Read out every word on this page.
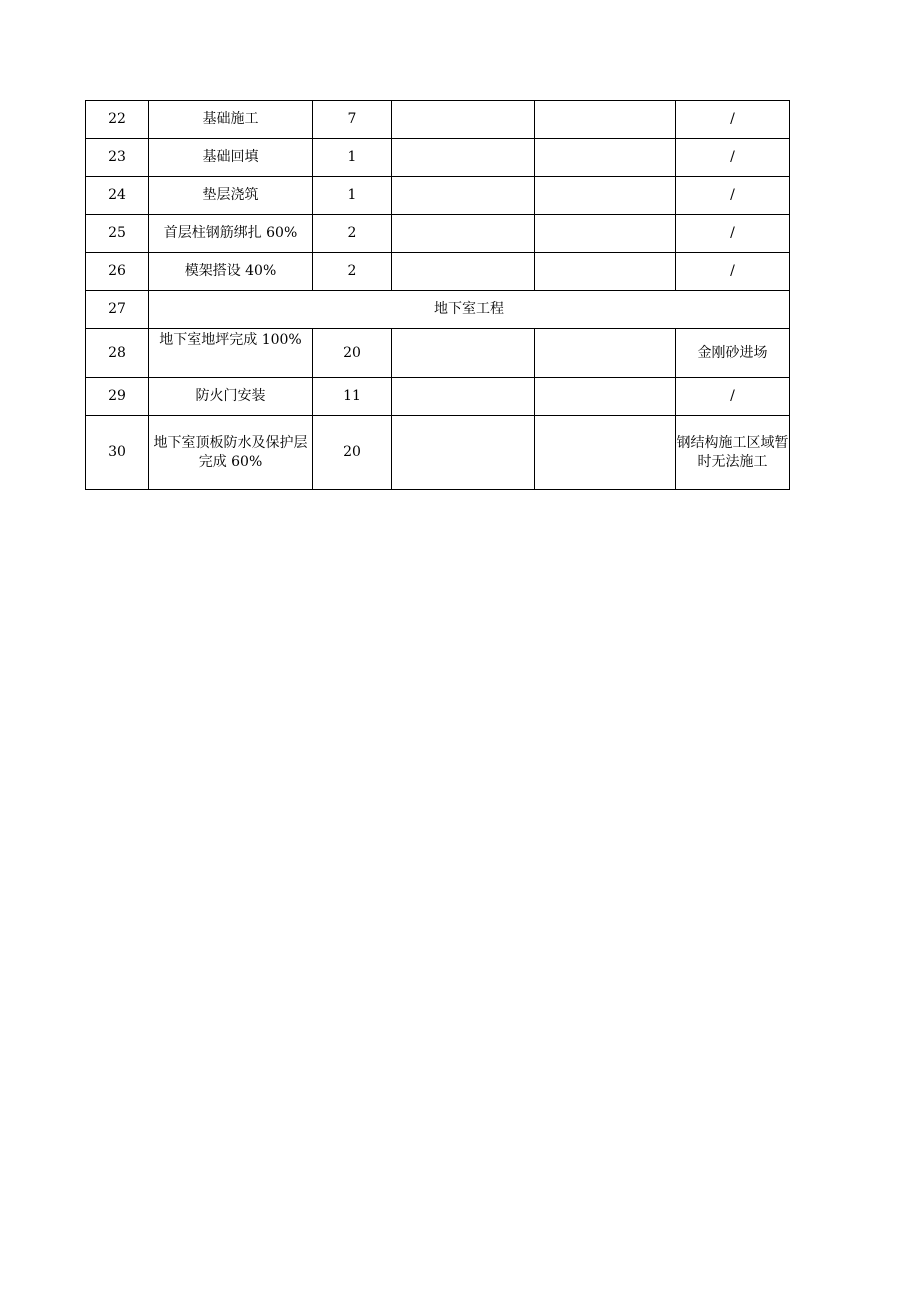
22	基础施工	7			/
23	基础回填	1			/
24	垫层浇筑	1			/
25	首层柱钢筋绑扎 60%	2			/
26	模架搭设 40%	2			/
27	地下室工程				
28	地下室地坪完成 100%	20			金刚砂进场
29	防火门安装	11			/
30	地下室顶板防水及保护层完成 60%	20			钢结构施工区域暂时无法施工
